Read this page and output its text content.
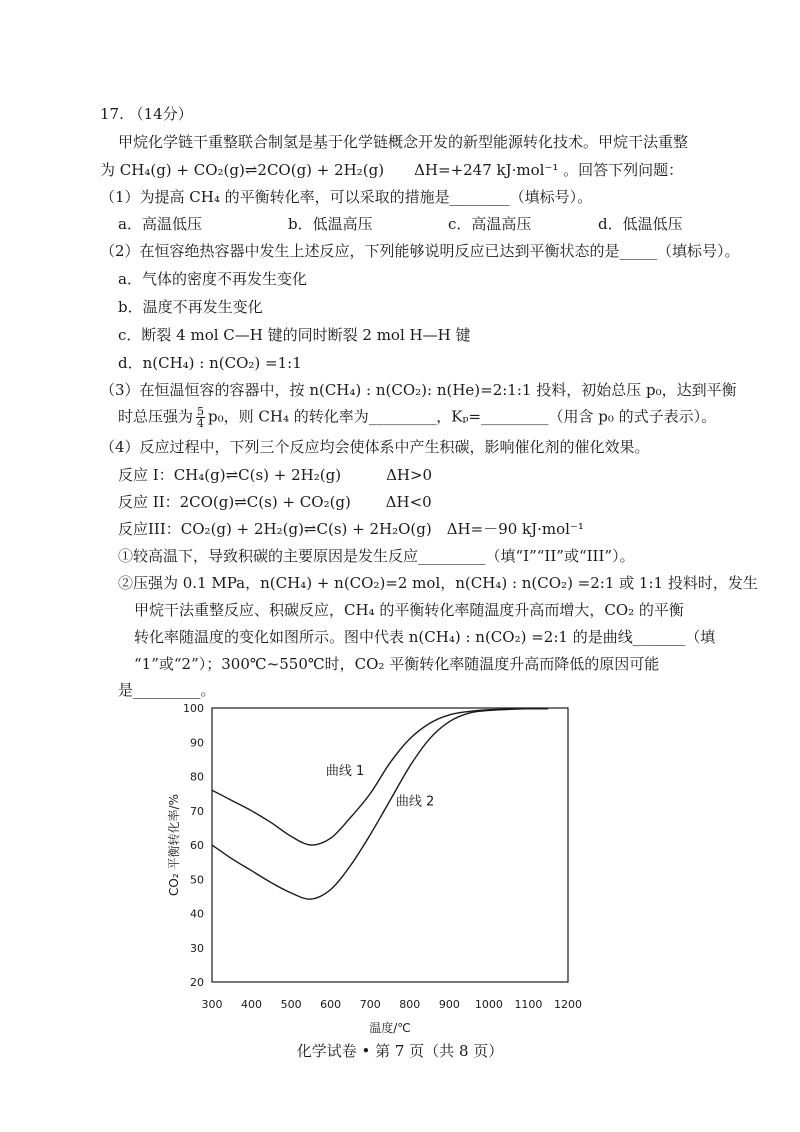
17. （14分）
甲烷化学链干重整联合制氢是基于化学链概念开发的新型能源转化技术。甲烷干法重整
为 CH₄(g) + CO₂(g)⇌2CO(g) + 2H₂(g)　　ΔH=+247 kJ·mol⁻¹ 。回答下列问题：
（1）为提高 CH₄ 的平衡转化率，可以采取的措施是________（填标号）。
a．高温低压	b．低温高压	c．高温高压	d．低温低压
（2）在恒容绝热容器中发生上述反应，下列能够说明反应已达到平衡状态的是_____（填标号）。
a．气体的密度不再发生变化
b．温度不再发生变化
c．断裂 4 mol C—H 键的同时断裂 2 mol H—H 键
d．n(CH₄) : n(CO₂) =1:1
（3）在恒温恒容的容器中，按 n(CH₄) : n(CO₂): n(He)=2:1:1 投料，初始总压 p₀，达到平衡
时总压强为 $\frac{5}{4} p_0$，则 CH₄ 的转化率为_________，Kₚ=_________（用含 p₀ 的式子表示）。
（4）反应过程中，下列三个反应均会使体系中产生积碳，影响催化剂的催化效果。
反应 I：CH₄(g)⇌C(s) + 2H₂(g)　　　ΔH>0
反应 II：2CO(g)⇌C(s) + CO₂(g)　　 ΔH<0
反应III：CO₂(g) + 2H₂(g)⇌C(s) + 2H₂O(g)　ΔH=－90 kJ·mol⁻¹
①较高温下，导致积碳的主要原因是发生反应_________（填“I”“II”或“III”）。
②压强为 0.1 MPa，n(CH₄) + n(CO₂)=2 mol，n(CH₄) : n(CO₂) =2:1 或 1:1 投料时，发生
甲烷干法重整反应、积碳反应，CH₄ 的平衡转化率随温度升高而增大，CO₂ 的平衡
转化率随温度的变化如图所示。图中代表 n(CH₄) : n(CO₂) =2:1 的是曲线_______（填
“1”或“2”）；300℃~550℃时，CO₂ 平衡转化率随温度升高而降低的原因可能
是_________。
300 400 500 600 700 800 900 1000 1100 1200
20
30
40
50
60
70
80
90
100
温度/℃
CO₂ 平衡转化率/%
曲线 1
曲线 2
化学试卷 • 第 7 页（共 8 页）
